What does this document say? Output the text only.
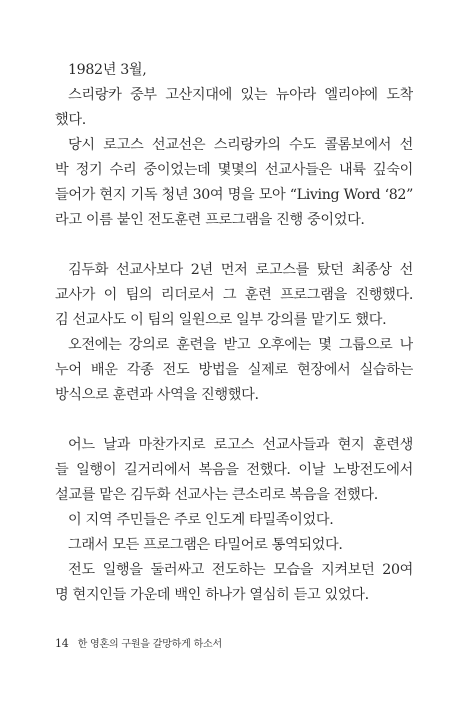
1982년 3월,
스리랑카 중부 고산지대에 있는 뉴아라 엘리야에 도착
했다.
당시 로고스 선교선은 스리랑카의 수도 콜롬보에서 선
박 정기 수리 중이었는데 몇몇의 선교사들은 내륙 깊숙이
들어가 현지 기독 청년 30여 명을 모아 “Living Word ‘82”
라고 이름 붙인 전도훈련 프로그램을 진행 중이었다.
김두화 선교사보다 2년 먼저 로고스를 탔던 최종상 선
교사가 이 팀의 리더로서 그 훈련 프로그램을 진행했다.
김 선교사도 이 팀의 일원으로 일부 강의를 맡기도 했다.
오전에는 강의로 훈련을 받고 오후에는 몇 그룹으로 나
누어 배운 각종 전도 방법을 실제로 현장에서 실습하는
방식으로 훈련과 사역을 진행했다.
어느 날과 마찬가지로 로고스 선교사들과 현지 훈련생
들 일행이 길거리에서 복음을 전했다. 이날 노방전도에서
설교를 맡은 김두화 선교사는 큰소리로 복음을 전했다.
이 지역 주민들은 주로 인도계 타밀족이었다.
그래서 모든 프로그램은 타밀어로 통역되었다.
전도 일행을 둘러싸고 전도하는 모습을 지켜보던 20여
명 현지인들 가운데 백인 하나가 열심히 듣고 있었다.
14 한 영혼의 구원을 갈망하게 하소서
